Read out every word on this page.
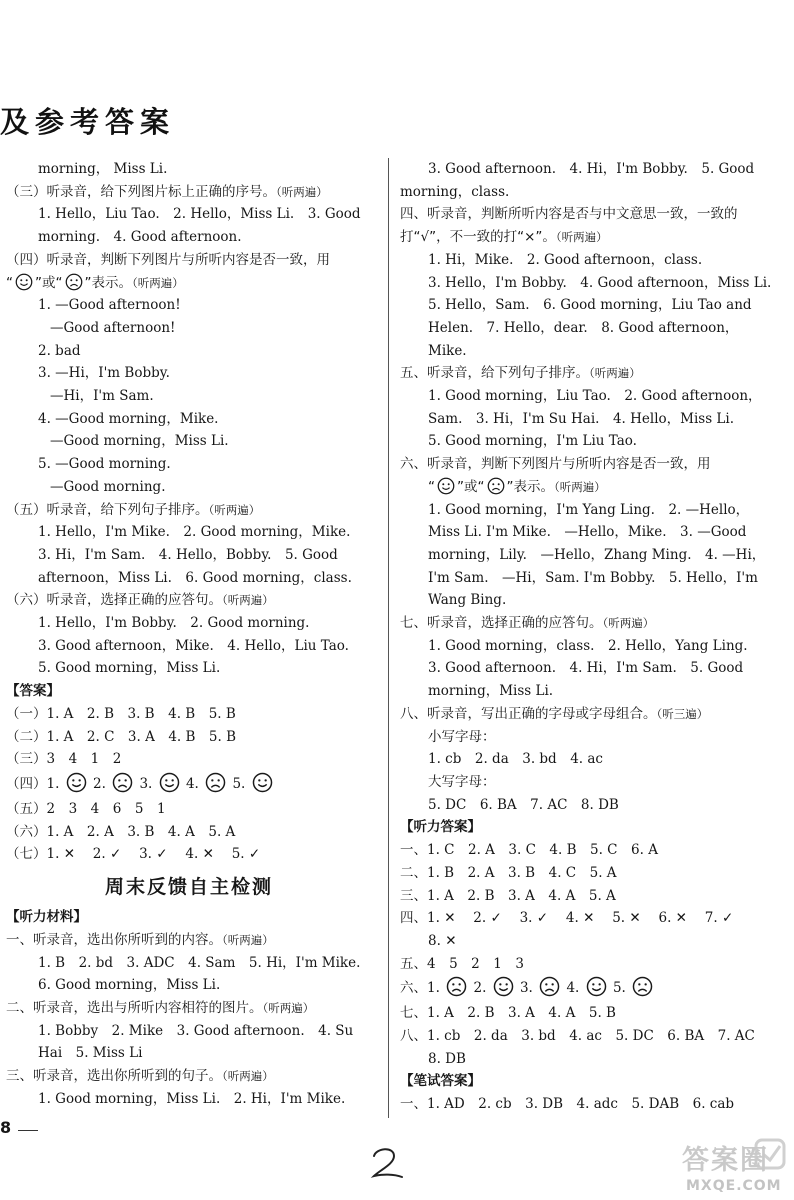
及参考答案
morning， Miss Li.
（三）听录音，给下列图片标上正确的序号。（听两遍）
1. Hello，Liu Tao.　2. Hello，Miss Li.　3. Good
morning.　4. Good afternoon.
（四）听录音，判断下列图片与所听内容是否一致，用
“ ”或“ ”表示。（听两遍）
1. —Good afternoon!
—Good afternoon!
2. bad
3. —Hi，I'm Bobby.
—Hi，I'm Sam.
4. —Good morning，Mike.
—Good morning，Miss Li.
5. —Good morning.
—Good morning.
（五）听录音，给下列句子排序。（听两遍）
1. Hello，I'm Mike.　2. Good morning，Mike.
3. Hi，I'm Sam.　4. Hello，Bobby.　5. Good
afternoon，Miss Li.　6. Good morning，class.
（六）听录音，选择正确的应答句。（听两遍）
1. Hello，I'm Bobby.　2. Good morning.
3. Good afternoon，Mike.　4. Hello，Liu Tao.
5. Good morning，Miss Li.
【答案】
（一）1. A　2. B　3. B　4. B　5. B
（二）1. A　2. C　3. A　4. B　5. B
（三）3　4　1　2
（四）1. 2. 3. 4. 5.
（五）2　3　4　6　5　1
（六）1. A　2. A　3. B　4. A　5. A
（七）1. ✕　 2. ✓　 3. ✓　 4. ✕　 5. ✓
周末反馈自主检测
【听力材料】
一、听录音，选出你所听到的内容。（听两遍）
1. B　2. bd　3. ADC　4. Sam　5. Hi，I'm Mike.
6. Good morning，Miss Li.
二、听录音，选出与所听内容相符的图片。（听两遍）
1. Bobby　2. Mike　3. Good afternoon.　4. Su
Hai　5. Miss Li
三、听录音，选出你所听到的句子。（听两遍）
1. Good morning，Miss Li.　2. Hi，I'm Mike.
3. Good afternoon.　4. Hi，I'm Bobby.　5. Good
morning，class.
四、听录音，判断所听内容是否与中文意思一致，一致的
打“√”，不一致的打“×”。（听两遍）
1. Hi，Mike.　2. Good afternoon，class.
3. Hello，I'm Bobby.　4. Good afternoon，Miss Li.
5. Hello，Sam.　6. Good morning，Liu Tao and
Helen.　7. Hello，dear.　8. Good afternoon，
Mike.
五、听录音，给下列句子排序。（听两遍）
1. Good morning，Liu Tao.　2. Good afternoon，
Sam.　3. Hi，I'm Su Hai.　4. Hello，Miss Li.
5. Good morning，I'm Liu Tao.
六、听录音，判断下列图片与所听内容是否一致，用
“ ”或“ ”表示。（听两遍）
1. Good morning，I'm Yang Ling.　2. —Hello，
Miss Li. I'm Mike.　—Hello，Mike.　3. —Good
morning，Lily.　—Hello，Zhang Ming.　4. —Hi，
I'm Sam.　—Hi，Sam. I'm Bobby.　5. Hello，I'm
Wang Bing.
七、听录音，选择正确的应答句。（听两遍）
1. Good morning，class.　2. Hello，Yang Ling.
3. Good afternoon.　4. Hi，I'm Sam.　5. Good
morning，Miss Li.
八、听录音，写出正确的字母或字母组合。（听三遍）
小写字母：
1. cb　2. da　3. bd　4. ac
大写字母：
5. DC　6. BA　7. AC　8. DB
【听力答案】
一、1. C　2. A　3. C　4. B　5. C　6. A
二、1. B　2. A　3. B　4. C　5. A
三、1. A　2. B　3. A　4. A　5. A
四、1. ✕　 2. ✓　 3. ✓　 4. ✕　 5. ✕　 6. ✕　 7. ✓
8. ✕
五、4　5　2　1　3
六、1. 2. 3. 4. 5.
七、1. A　2. B　3. A　4. A　5. B
八、1. cb　2. da　3. bd　4. ac　5. DC　6. BA　7. AC
8. DB
【笔试答案】
一、1. AD　2. cb　3. DB　4. adc　5. DAB　6. cab
8
答案圈
MXQE.COM
